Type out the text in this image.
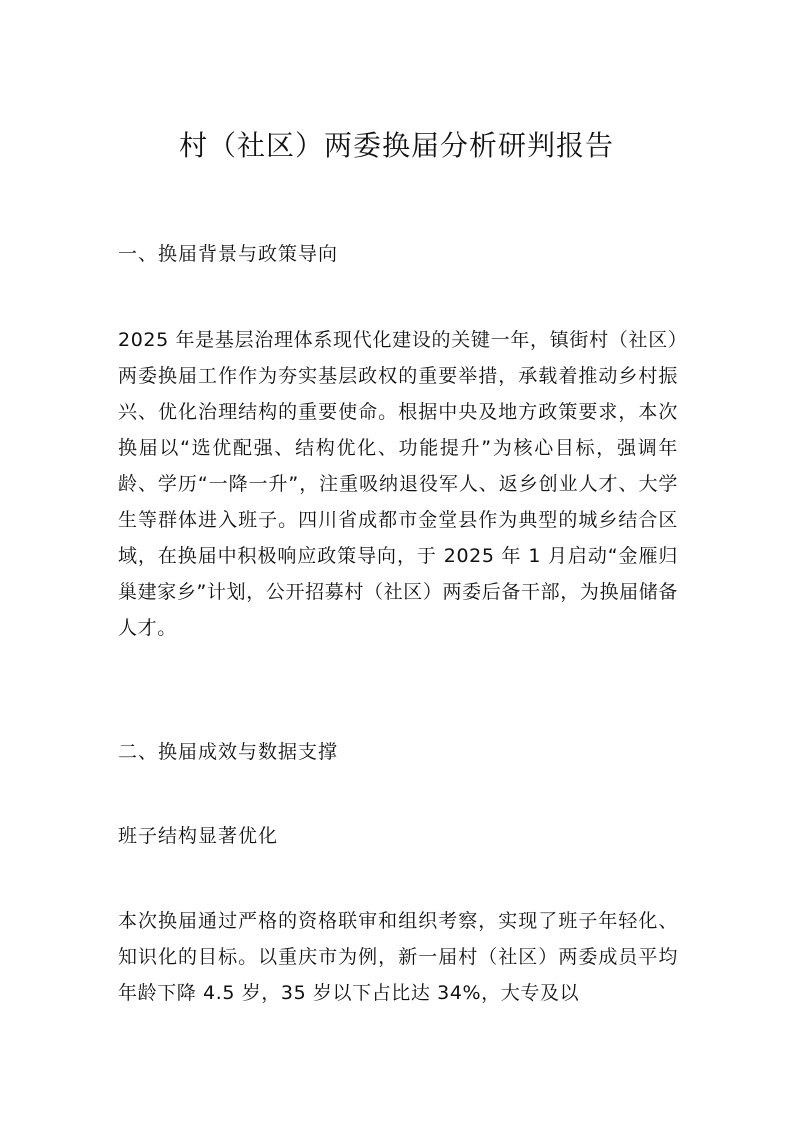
村（社区）两委换届分析研判报告

一、换届背景与政策导向

2025 年是基层治理体系现代化建设的关键一年，镇街村（社区）两委换届工作作为夯实基层政权的重要举措，承载着推动乡村振兴、优化治理结构的重要使命。根据中央及地方政策要求，本次换届以“选优配强、结构优化、功能提升”为核心目标，强调年龄、学历“一降一升”，注重吸纳退役军人、返乡创业人才、大学生等群体进入班子。四川省成都市金堂县作为典型的城乡结合区域，在换届中积极响应政策导向，于 2025 年 1 月启动“金雁归巢建家乡”计划，公开招募村（社区）两委后备干部，为换届储备人才。

二、换届成效与数据支撑

班子结构显著优化

本次换届通过严格的资格联审和组织考察，实现了班子年轻化、知识化的目标。以重庆市为例，新一届村（社区）两委成员平均年龄下降 4.5 岁，35 岁以下占比达 34%，大专及以
